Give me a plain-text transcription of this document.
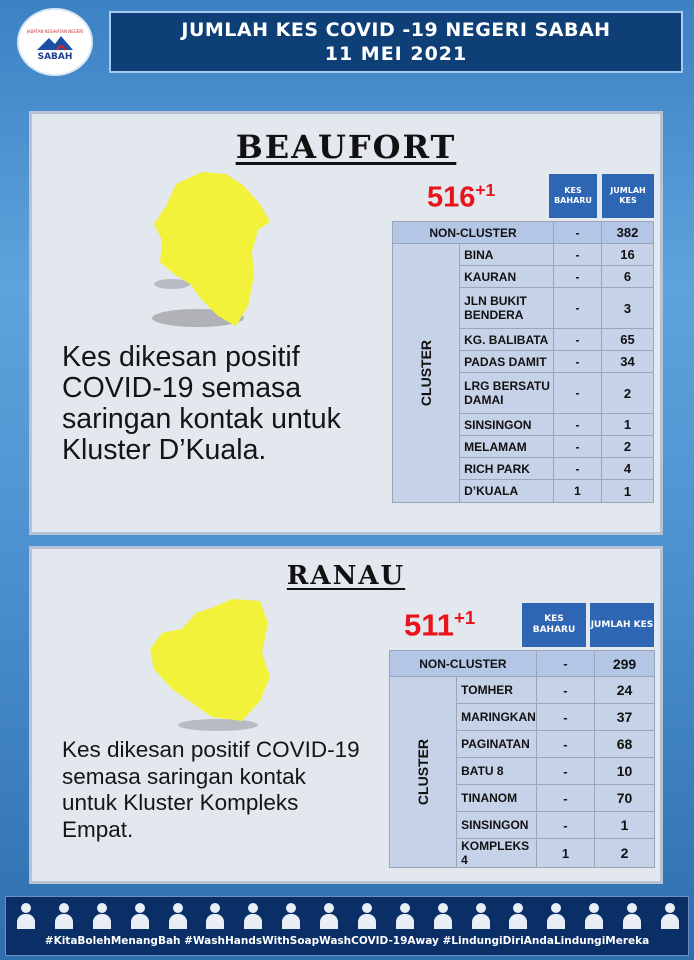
JABATAN KESIHATAN NEGERI
SABAH
JUMLAH KES COVID -19 NEGERI SABAH
11 MEI 2021
BEAUFORT
Kes dikesan positif COVID-19 semasa saringan kontak untuk Kluster D’Kuala.
$516^{+1}$	KES BAHARU
JUMLAH KES
NON-CLUSTER		-	382
CLUSTER	BINA	-	16
	KAURAN	-	6
	JLN BUKIT BENDERA	-	3
	KG. BALIBATA	-	65
	PADAS DAMIT	-	34
	LRG BERSATU DAMAI	-	2
	SINSINGON	-	1
	MELAMAM	-	2
	RICH PARK	-	4
	D’KUALA	1	1
RANAU
Kes dikesan positif COVID-19 semasa saringan kontak untuk Kluster Kompleks Empat.
$511^{+1}$	KES BAHARU
JUMLAH KES
NON-CLUSTER		-	299
CLUSTER	TOMHER	-	24
	MARINGKAN	-	37
	PAGINATAN	-	68
	BATU 8	-	10
	TINANOM	-	70
	SINSINGON	-	1
	KOMPLEKS 4	1	2
#KitaBolehMenangBah #WashHandsWithSoapWashCOVID-19Away #LindungiDiriAndaLindungiMereka
